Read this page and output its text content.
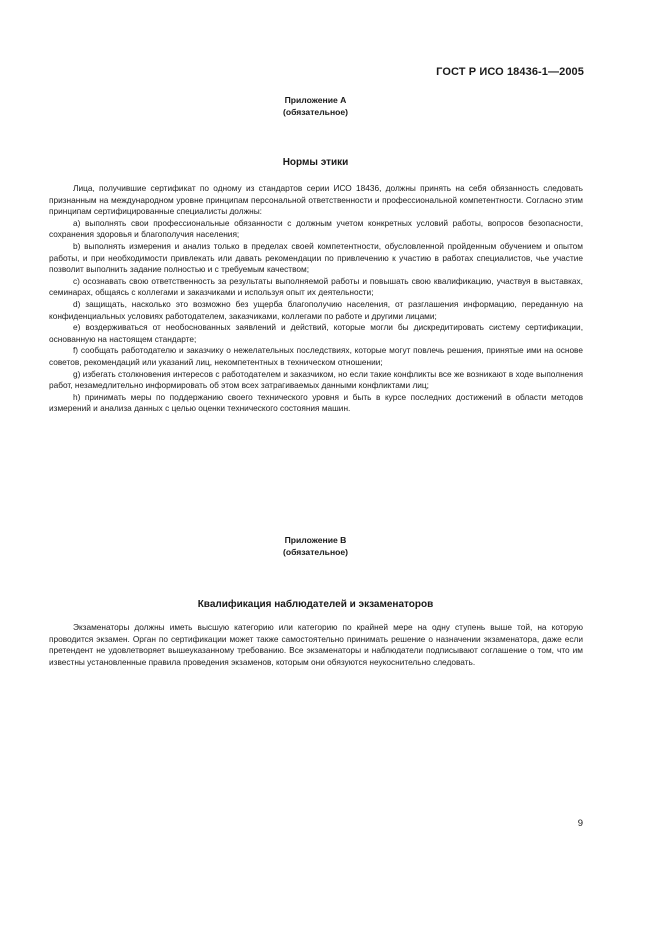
ГОСТ Р ИСО 18436-1—2005
Приложение А
(обязательное)
Нормы этики

Лица, получившие сертификат по одному из стандартов серии ИСО 18436, должны принять на себя обязанность следовать признанным на международном уровне принципам персональной ответственности и профессиональной компетентности. Согласно этим принципам сертифицированные специалисты должны:

a) выполнять свои профессиональные обязанности с должным учетом конкретных условий работы, вопросов безопасности, сохранения здоровья и благополучия населения;

b) выполнять измерения и анализ только в пределах своей компетентности, обусловленной пройденным обучением и опытом работы, и при необходимости привлекать или давать рекомендации по привлечению к участию в работах специалистов, чье участие позволит выполнить задание полностью и с требуемым качеством;

c) осознавать свою ответственность за результаты выполняемой работы и повышать свою квалификацию, участвуя в выставках, семинарах, общаясь с коллегами и заказчиками и используя опыт их деятельности;

d) защищать, насколько это возможно без ущерба благополучию населения, от разглашения информацию, переданную на конфиденциальных условиях работодателем, заказчиками, коллегами по работе и другими лицами;

e) воздерживаться от необоснованных заявлений и действий, которые могли бы дискредитировать систему сертификации, основанную на настоящем стандарте;

f) сообщать работодателю и заказчику о нежелательных последствиях, которые могут повлечь решения, принятые ими на основе советов, рекомендаций или указаний лиц, некомпетентных в техническом отношении;

g) избегать столкновения интересов с работодателем и заказчиком, но если такие конфликты все же возникают в ходе выполнения работ, незамедлительно информировать об этом всех затрагиваемых данными конфликтами лиц;

h) принимать меры по поддержанию своего технического уровня и быть в курсе последних достижений в области методов измерений и анализа данных с целью оценки технического состояния машин.

Приложение В
(обязательное)
Квалификация наблюдателей и экзаменаторов

Экзаменаторы должны иметь высшую категорию или категорию по крайней мере на одну ступень выше той, на которую проводится экзамен. Орган по сертификации может также самостоятельно принимать решение о назначении экзаменатора, даже если претендент не удовлетворяет вышеуказанному требованию. Все экзаменаторы и наблюдатели подписывают соглашение о том, что им известны установленные правила проведения экзаменов, которым они обязуются неукоснительно следовать.

9
